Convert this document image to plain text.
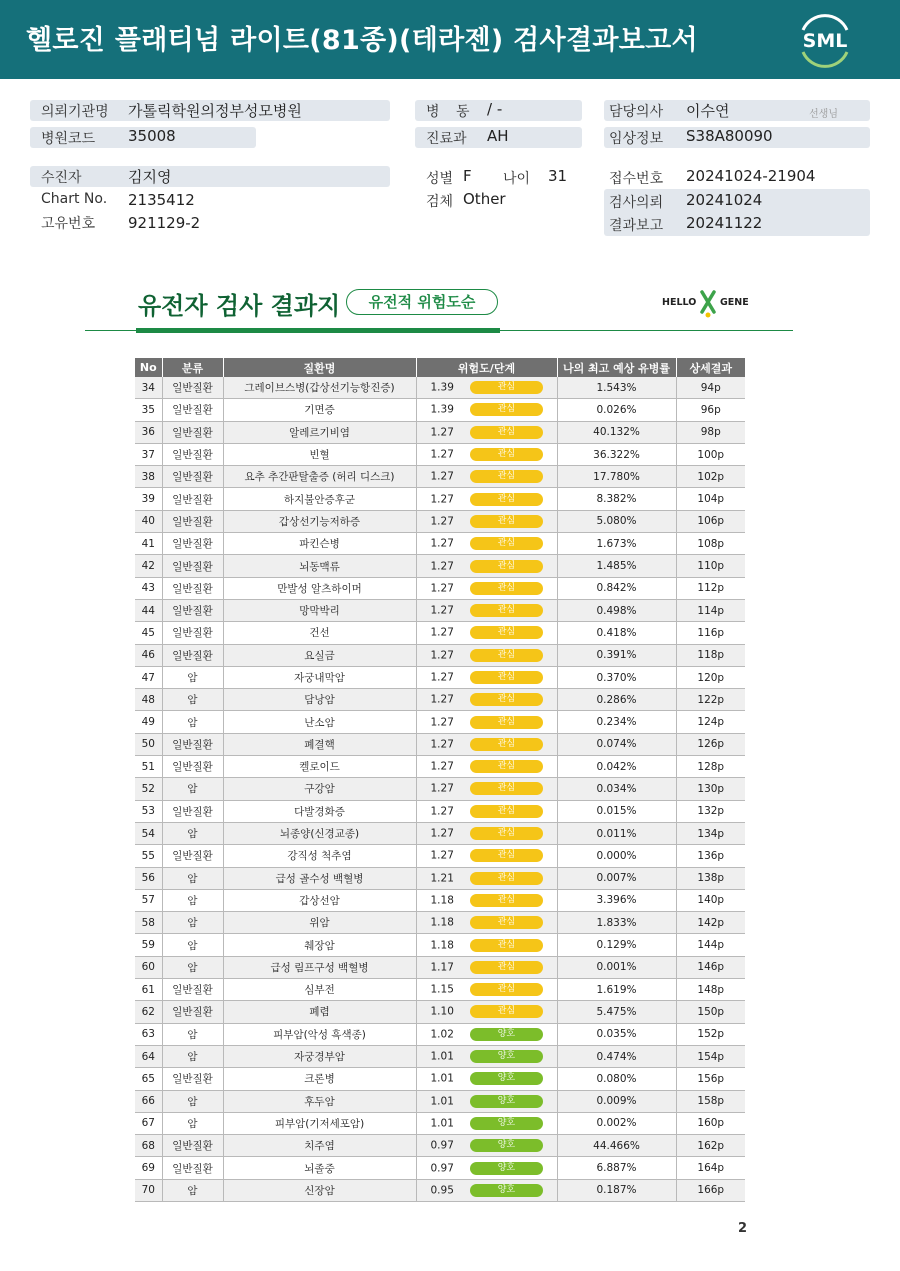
헬로진 플래티넘 라이트(81종)(테라젠) 검사결과보고서	SML
의뢰기관명 가톨릭학원의정부성모병원
병원코드 35008
수진자	김지영
Chart No. 2135412
고유번호 921129-2
병 동 / -
진료과 AH
성별 F 나이 31
검체 Other
담당의사 이수연	선생님
임상정보 S38A80090
접수번호 20241024-21904
검사의뢰 20241024
결과보고 20241122
유전자 검사 결과지	유전적 위험도순	HELLO GENE
No	분류	질환명	위험도/단계	나의 최고 예상 유병률	상세결과
34	일반질환	그레이브스병(갑상선기능항진증)	1.39 관심	1.543%	94p
35	일반질환	기면증	1.39 관심	0.026%	96p
36	일반질환	알레르기비염	1.27 관심	40.132%	98p
37	일반질환	빈혈	1.27 관심	36.322%	100p
38	일반질환	요추 추간판탈출증 (허리 디스크)	1.27 관심	17.780%	102p
39	일반질환	하지불안증후군	1.27 관심	8.382%	104p
40	일반질환	갑상선기능저하증	1.27 관심	5.080%	106p
41	일반질환	파킨슨병	1.27 관심	1.673%	108p
42	일반질환	뇌동맥류	1.27 관심	1.485%	110p
43	일반질환	만발성 알츠하이머	1.27 관심	0.842%	112p
44	일반질환	망막박리	1.27 관심	0.498%	114p
45	일반질환	건선	1.27 관심	0.418%	116p
46	일반질환	요실금	1.27 관심	0.391%	118p
47	암	자궁내막암	1.27 관심	0.370%	120p
48	암	담낭암	1.27 관심	0.286%	122p
49	암	난소암	1.27 관심	0.234%	124p
50	일반질환	폐결핵	1.27 관심	0.074%	126p
51	일반질환	켈로이드	1.27 관심	0.042%	128p
52	암	구강암	1.27 관심	0.034%	130p
53	일반질환	다발경화증	1.27 관심	0.015%	132p
54	암	뇌종양(신경교종)	1.27 관심	0.011%	134p
55	일반질환	강직성 척추염	1.27 관심	0.000%	136p
56	암	급성 골수성 백혈병	1.21 관심	0.007%	138p
57	암	갑상선암	1.18 관심	3.396%	140p
58	암	위암	1.18 관심	1.833%	142p
59	암	췌장암	1.18 관심	0.129%	144p
60	암	급성 림프구성 백혈병	1.17 관심	0.001%	146p
61	일반질환	심부전	1.15 관심	1.619%	148p
62	일반질환	폐렴	1.10 관심	5.475%	150p
63	암	피부암(악성 흑색종)	1.02 양호	0.035%	152p
64	암	자궁경부암	1.01 양호	0.474%	154p
65	일반질환	크론병	1.01 양호	0.080%	156p
66	암	후두암	1.01 양호	0.009%	158p
67	암	피부암(기저세포암)	1.01 양호	0.002%	160p
68	일반질환	치주염	0.97 양호	44.466%	162p
69	일반질환	뇌졸중	0.97 양호	6.887%	164p
70	암	신장암	0.95 양호	0.187%	166p
2
